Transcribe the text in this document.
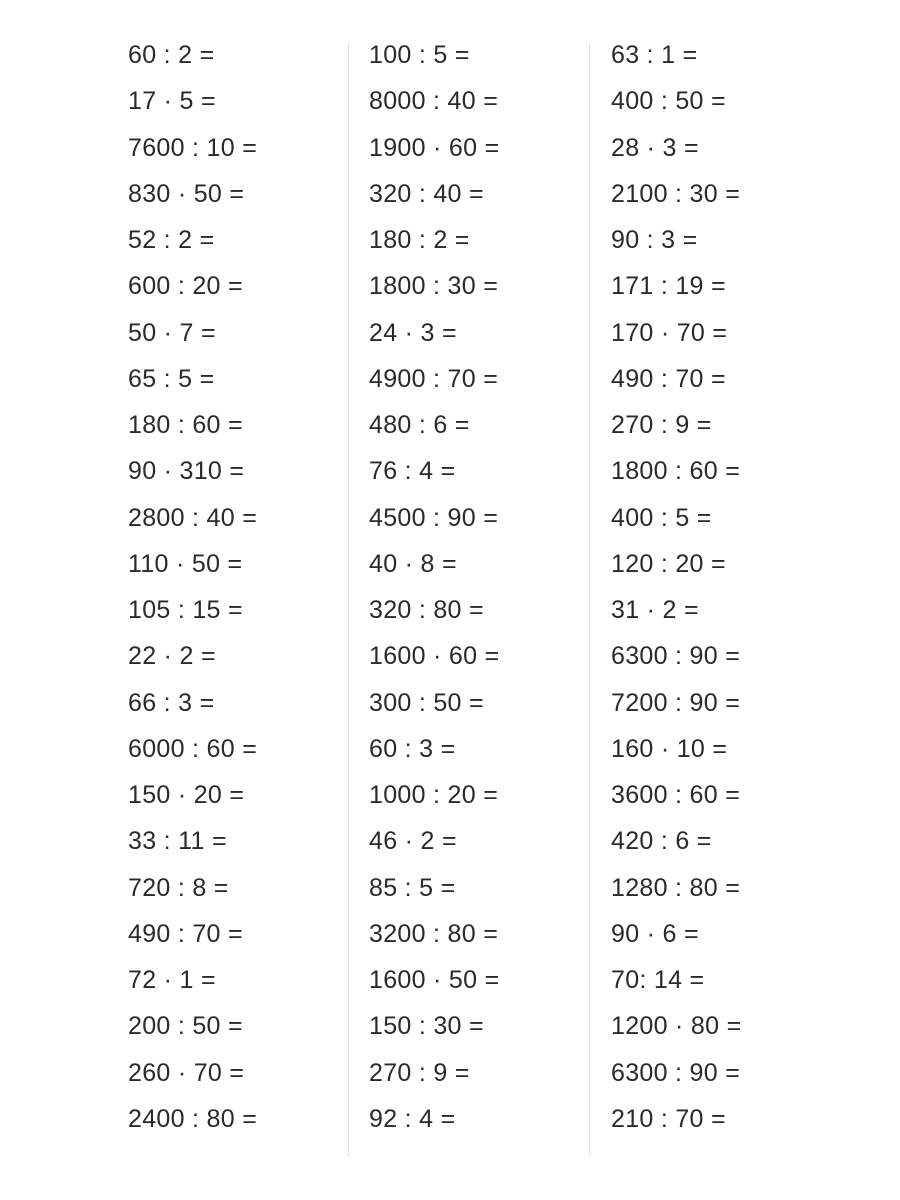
60 : 2 =
17 · 5 =
7600 : 10 =
830 · 50 =
52 : 2 =
600 : 20 =
50 · 7 =
65 : 5 =
180 : 60 =
90 · 310 =
2800 : 40 =
110 · 50 =
105 : 15 =
22 · 2 =
66 : 3 =
6000 : 60 =
150 · 20 =
33 : 11 =
720 : 8 =
490 : 70 =
72 · 1 =
200 : 50 =
260 · 70 =
2400 : 80 =
100 : 5 =
8000 : 40 =
1900 · 60 =
320 : 40 =
180 : 2 =
1800 : 30 =
24 · 3 =
4900 : 70 =
480 : 6 =
76 : 4 =
4500 : 90 =
40 · 8 =
320 : 80 =
1600 · 60 =
300 : 50 =
60 : 3 =
1000 : 20 =
46 · 2 =
85 : 5 =
3200 : 80 =
1600 · 50 =
150 : 30 =
270 : 9 =
92 : 4 =
63 : 1 =
400 : 50 =
28 · 3 =
2100 : 30 =
90 : 3 =
171 : 19 =
170 · 70 =
490 : 70 =
270 : 9 =
1800 : 60 =
400 : 5 =
120 : 20 =
31 · 2 =
6300 : 90 =
7200 : 90 =
160 · 10 =
3600 : 60 =
420 : 6 =
1280 : 80 =
90 · 6 =
70: 14 =
1200 · 80 =
6300 : 90 =
210 : 70 =
